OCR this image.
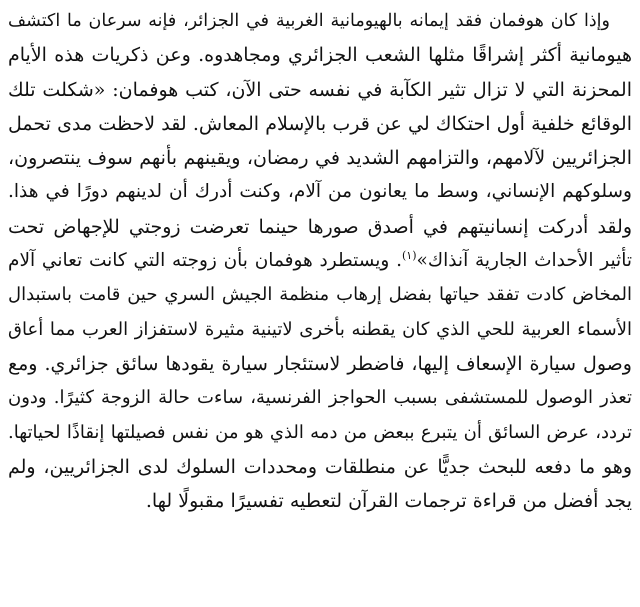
وإذا كان هوفمان فقد إيمانه بالهيومانية الغربية في الجزائر، فإنه سرعان ما اكتشف
هيومانية أكثر إشراقًا مثلها الشعب الجزائري ومجاهدوه. وعن ذكريات هذه الأيام
المحزنة التي لا تزال تثير الكآبة في نفسه حتى الآن، كتب هوفمان: «شكلت تلك
الوقائع خلفية أول احتكاك لي عن قرب بالإسلام المعاش. لقد لاحظت مدى تحمل
الجزائريين لآلامهم، والتزامهم الشديد في رمضان، ويقينهم بأنهم سوف ينتصرون،
وسلوكهم الإنساني، وسط ما يعانون من آلام، وكنت أدرك أن لدينهم دورًا في هذا.
ولقد أدركت إنسانيتهم في أصدق صورها حينما تعرضت زوجتي للإجهاض تحت
تأثير الأحداث الجارية آنذاك»$^{(١)}$. ويستطرد هوفمان بأن زوجته التي كانت تعاني آلام
المخاض كادت تفقد حياتها بفضل إرهاب منظمة الجيش السري حين قامت باستبدال
الأسماء العربية للحي الذي كان يقطنه بأخرى لاتينية مثيرة لاستفزاز العرب مما أعاق
وصول سيارة الإسعاف إليها، فاضطر لاستئجار سيارة يقودها سائق جزائري. ومع
تعذر الوصول للمستشفى بسبب الحواجز الفرنسية، ساءت حالة الزوجة كثيرًا. ودون
تردد، عرض السائق أن يتبرع ببعض من دمه الذي هو من نفس فصيلتها إنقاذًا لحياتها.
وهو ما دفعه للبحث جديًّا عن منطلقات ومحددات السلوك لدى الجزائريين، ولم
يجد أفضل من قراءة ترجمات القرآن لتعطيه تفسيرًا مقبولًا لها.
